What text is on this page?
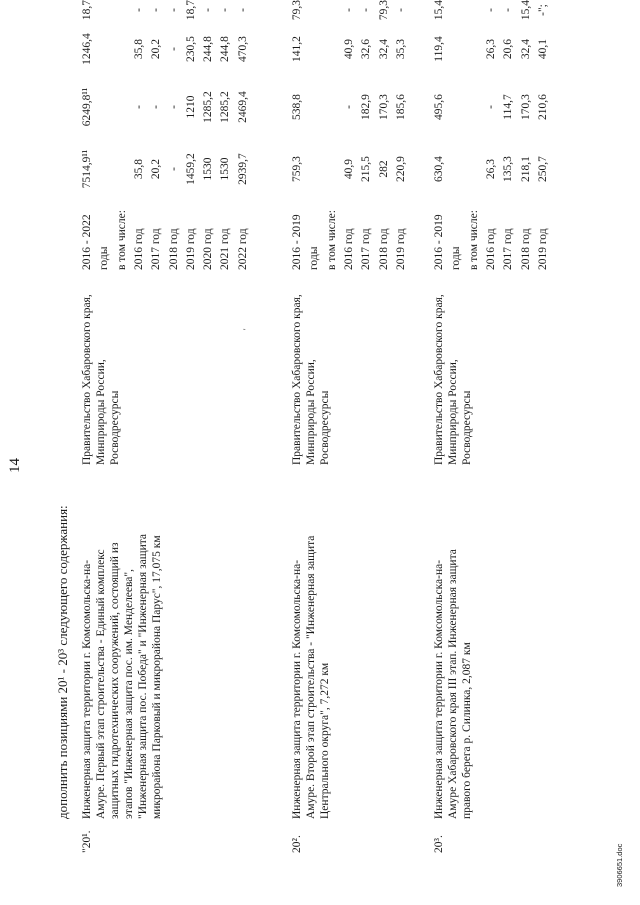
14
дополнить позициями 20¹ - 20³ следующего содержания:
'
"20¹.
Инженерная защита территории г. Комсомольска-на-Амуре. Первый этап строительства - Единый комплекс защитных гидротехнических сооружений, состоящий из этапов "Инженерная защита пос. им. Менделеева", "Инженерная защита пос. Победа" и "Инженерная защита микрорайона Парковый и микрорайона Парус", 17,075 км
Правительство Хабаровского края, Минприроды России, Росводресурсы
2016 - 2022
7514,9¹¹
6249,8¹¹
1246,4
18,7
годы в том числе: 2016 год
35,8
-
35,8
-
2017 год
20,2
-
20,2
-
2018 год
-
-
-
-
2019 год
1459,2
1210
230,5
18,7
2020 год
1530
1285,2
244,8
-
2021 год
1530
1285,2
244,8
-
2022 год
2939,7
2469,4
470,3
-
20².
Инженерная защита территории г. Комсомольска-на-Амуре. Второй этап строительства - "Инженерная защита Центрального округа", 7,272 км
Правительство Хабаровского края, Минприроды России, Росводресурсы
2016 - 2019
759,3
538,8
141,2
79,3
годы в том числе: 2016 год
40,9
-
40,9
-
2017 год
215,5
182,9
32,6
-
2018 год
282
170,3
32,4
79,3
2019 год
220,9
185,6
35,3
-
20³.
Инженерная защита территории г. Комсомольска-на-Амуре Хабаровского края III этап. Инженерная защита правого берега р. Силинка, 2,087 км
Правительство Хабаровского края, Минприроды России, Росводресурсы
2016 - 2019
630,4
495,6
119,4
15,4
годы в том числе: 2016 год
26,3
-
26,3
-
2017 год
135,3
114,7
20,6
-
2018 год
218,1
170,3
32,4
15,4
2019 год
250,7
210,6
40,1
-";
3906651.doc
